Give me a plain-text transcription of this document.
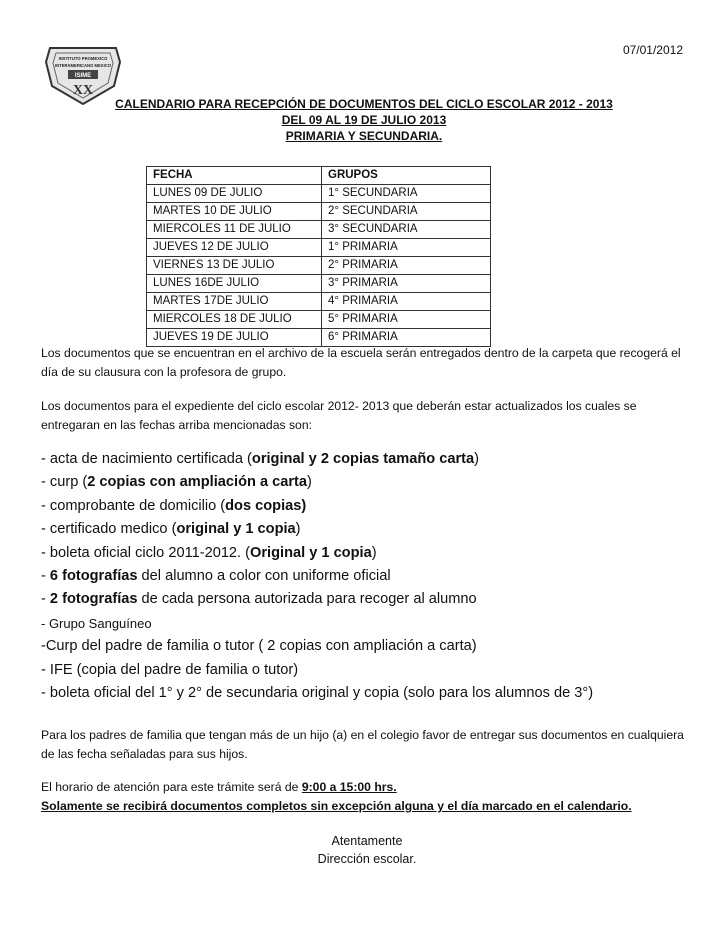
07/01/2012
INSTITUTO PROMEXICO
INTERAMERICANO MEXICO
ISIME
XX
CALENDARIO PARA RECEPCIÓN DE DOCUMENTOS DEL CICLO ESCOLAR 2012 - 2013
DEL 09 AL 19 DE JULIO 2013
PRIMARIA Y SECUNDARIA.
FECHA	GRUPOS
LUNES 09 DE JULIO	1° SECUNDARIA
MARTES 10 DE JULIO	2° SECUNDARIA
MIERCOLES 11 DE JULIO	3° SECUNDARIA
JUEVES 12 DE JULIO	1° PRIMARIA
VIERNES 13 DE JULIO	2° PRIMARIA
LUNES 16DE JULIO	3° PRIMARIA
MARTES 17DE JULIO	4° PRIMARIA
MIERCOLES 18 DE JULIO	5° PRIMARIA
JUEVES 19 DE JULIO	6° PRIMARIA
Los documentos que se encuentran en el archivo de la escuela serán entregados dentro de la carpeta que recogerá el día de su clausura con la profesora de grupo.
Los documentos para el expediente del ciclo escolar 2012- 2013 que deberán estar actualizados los cuales se entregaran en las fechas arriba mencionadas son:
- acta de nacimiento certificada (original y 2 copias tamaño carta)
- curp (2 copias con ampliación a carta)
- comprobante de domicilio (dos copias)
- certificado medico (original y 1 copia)
- boleta oficial ciclo 2011-2012. (Original y 1 copia)
- 6 fotografías del alumno a color con uniforme oficial
- 2 fotografías de cada persona autorizada para recoger al alumno
- Grupo Sanguíneo
-Curp del padre de familia o tutor ( 2 copias con ampliación a carta)
- IFE (copia del padre de familia o tutor)
- boleta oficial del 1° y 2° de secundaria original y copia (solo para los alumnos de 3°)
Para los padres de familia que tengan más de un hijo (a) en el colegio favor de entregar sus documentos en cualquiera de las fecha señaladas para sus hijos.
El horario de atención para este trámite será de 9:00 a 15:00 hrs.
Solamente se recibirá documentos completos sin excepción alguna y el día marcado en el calendario.
Atentamente
Dirección escolar.
